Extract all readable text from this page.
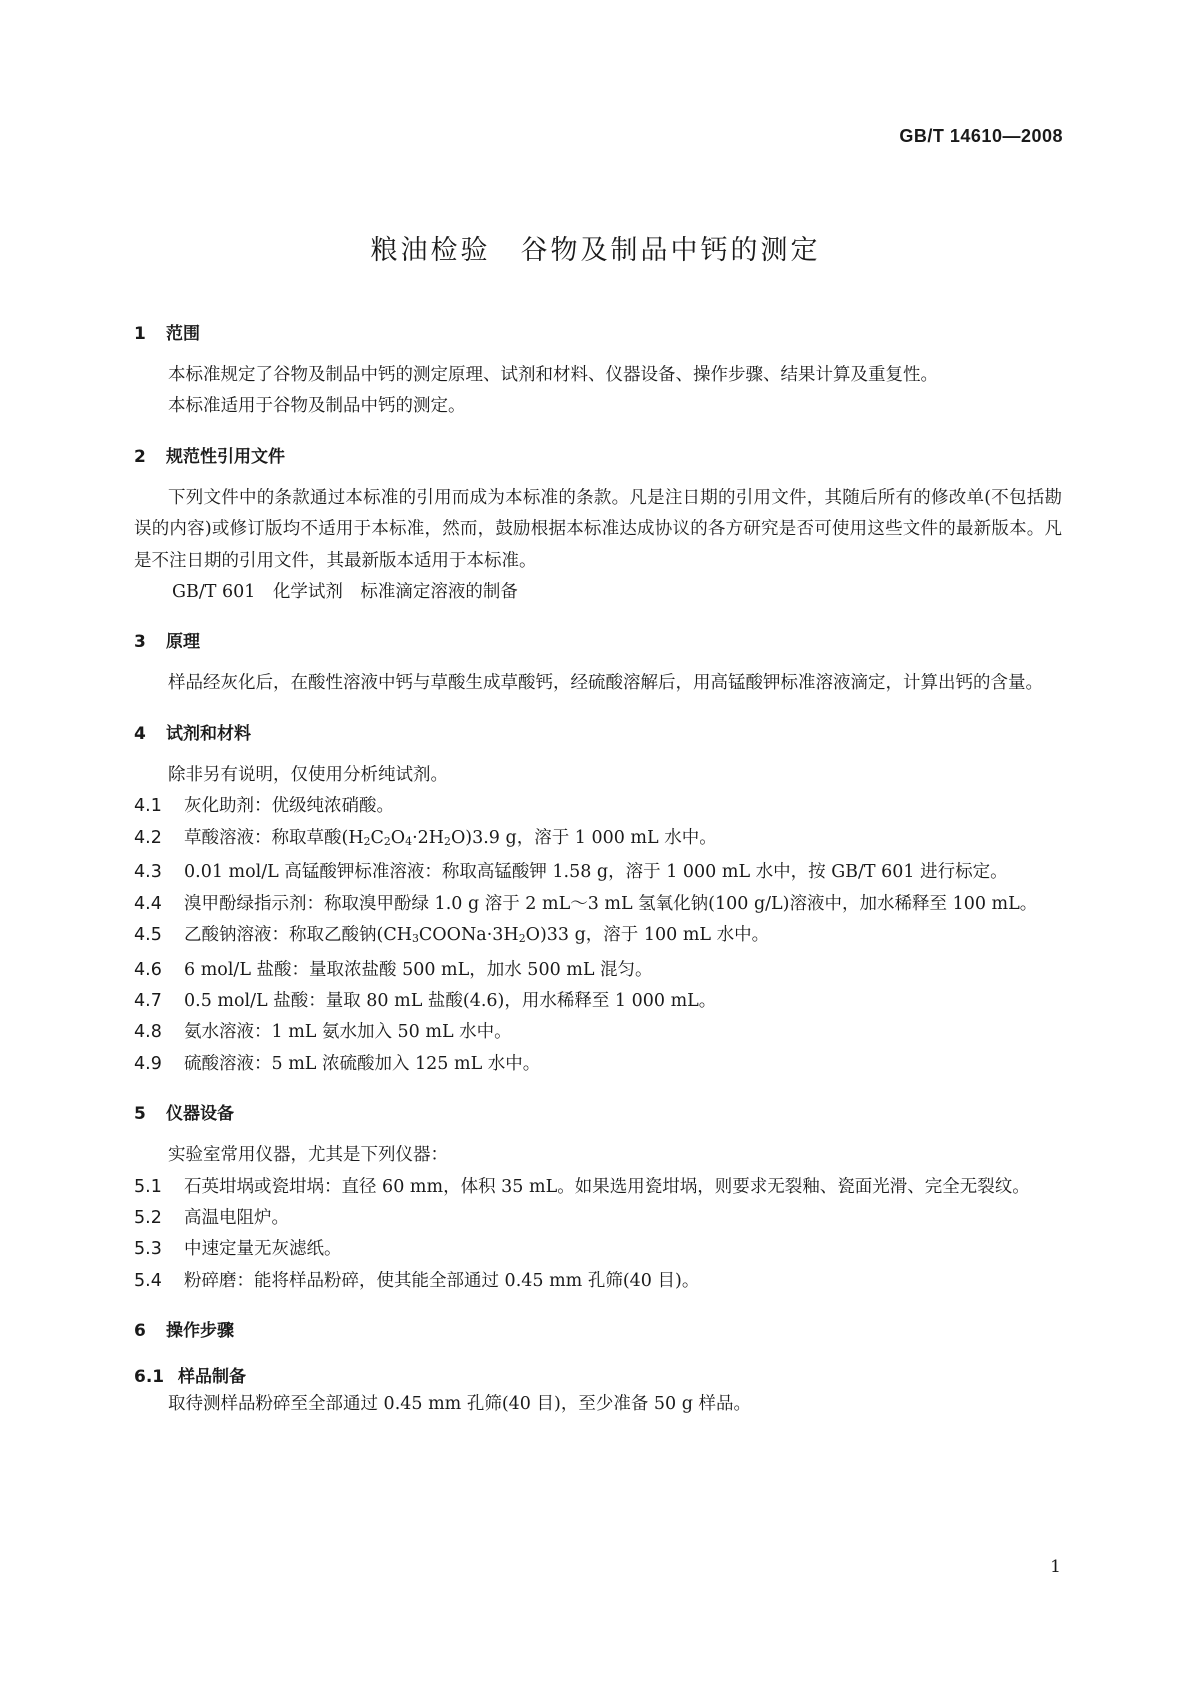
GB/T 14610—2008
粮油检验　谷物及制品中钙的测定
1 范围

本标准规定了谷物及制品中钙的测定原理、试剂和材料、仪器设备、操作步骤、结果计算及重复性。

本标准适用于谷物及制品中钙的测定。

2 规范性引用文件

下列文件中的条款通过本标准的引用而成为本标准的条款。凡是注日期的引用文件，其随后所有的修改单(不包括勘误的内容)或修订版均不适用于本标准，然而，鼓励根据本标准达成协议的各方研究是否可使用这些文件的最新版本。凡是不注日期的引用文件，其最新版本适用于本标准。

GB/T 601　化学试剂　标准滴定溶液的制备
3 原理

样品经灰化后，在酸性溶液中钙与草酸生成草酸钙，经硫酸溶解后，用高锰酸钾标准溶液滴定，计算出钙的含量。

4 试剂和材料

除非另有说明，仅使用分析纯试剂。

4.1 灰化助剂：优级纯浓硝酸。

4.2 草酸溶液：称取草酸(H2C2O4·2H2O)3.9 g，溶于 1 000 mL 水中。

4.3 0.01 mol/L 高锰酸钾标准溶液：称取高锰酸钾 1.58 g，溶于 1 000 mL 水中，按 GB/T 601 进行标定。

4.4 溴甲酚绿指示剂：称取溴甲酚绿 1.0 g 溶于 2 mL～3 mL 氢氧化钠(100 g/L)溶液中，加水稀释至 100 mL。

4.5 乙酸钠溶液：称取乙酸钠(CH3COONa·3H2O)33 g，溶于 100 mL 水中。

4.6 6 mol/L 盐酸：量取浓盐酸 500 mL，加水 500 mL 混匀。

4.7 0.5 mol/L 盐酸：量取 80 mL 盐酸(4.6)，用水稀释至 1 000 mL。

4.8 氨水溶液：1 mL 氨水加入 50 mL 水中。

4.9 硫酸溶液：5 mL 浓硫酸加入 125 mL 水中。

5 仪器设备

实验室常用仪器，尤其是下列仪器：

5.1 石英坩埚或瓷坩埚：直径 60 mm，体积 35 mL。如果选用瓷坩埚，则要求无裂釉、瓷面光滑、完全无裂纹。

5.2 高温电阻炉。

5.3 中速定量无灰滤纸。

5.4 粉碎磨：能将样品粉碎，使其能全部通过 0.45 mm 孔筛(40 目)。

6 操作步骤
6.1 样品制备

取待测样品粉碎至全部通过 0.45 mm 孔筛(40 目)，至少准备 50 g 样品。

1
